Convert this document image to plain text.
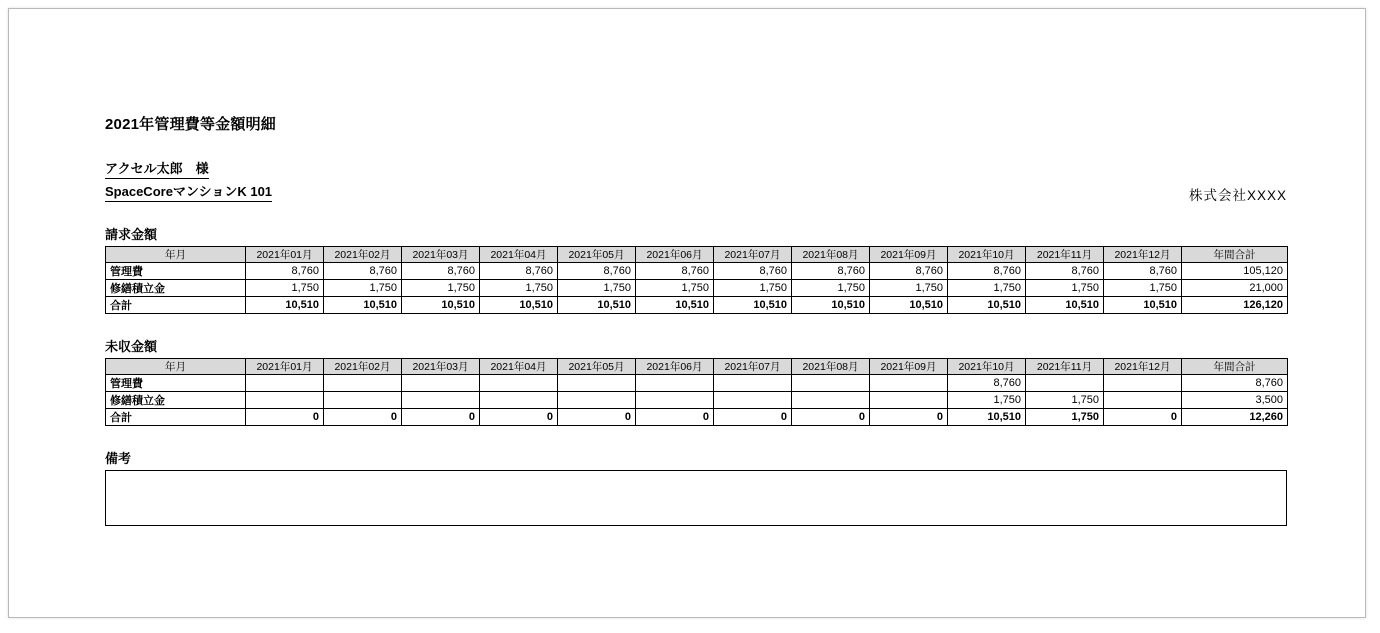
2021年管理費等金額明細
アクセル太郎　様
SpaceCoreマンションK 101	株式会社XXXX
請求金額
年月	2021年01月	2021年02月	2021年03月	2021年04月	2021年05月	2021年06月	2021年07月	2021年08月	2021年09月	2021年10月	2021年11月	2021年12月	年間合計
管理費	8,760	8,760	8,760	8,760	8,760	8,760	8,760	8,760	8,760	8,760	8,760	8,760	105,120
修繕積立金	1,750	1,750	1,750	1,750	1,750	1,750	1,750	1,750	1,750	1,750	1,750	1,750	21,000
合計	10,510	10,510	10,510	10,510	10,510	10,510	10,510	10,510	10,510	10,510	10,510	10,510	126,120
未収金額
年月	2021年01月	2021年02月	2021年03月	2021年04月	2021年05月	2021年06月	2021年07月	2021年08月	2021年09月	2021年10月	2021年11月	2021年12月	年間合計
管理費										8,760			8,760
修繕積立金										1,750	1,750		3,500
合計	0	0	0	0	0	0	0	0	0	10,510	1,750	0	12,260
備考
